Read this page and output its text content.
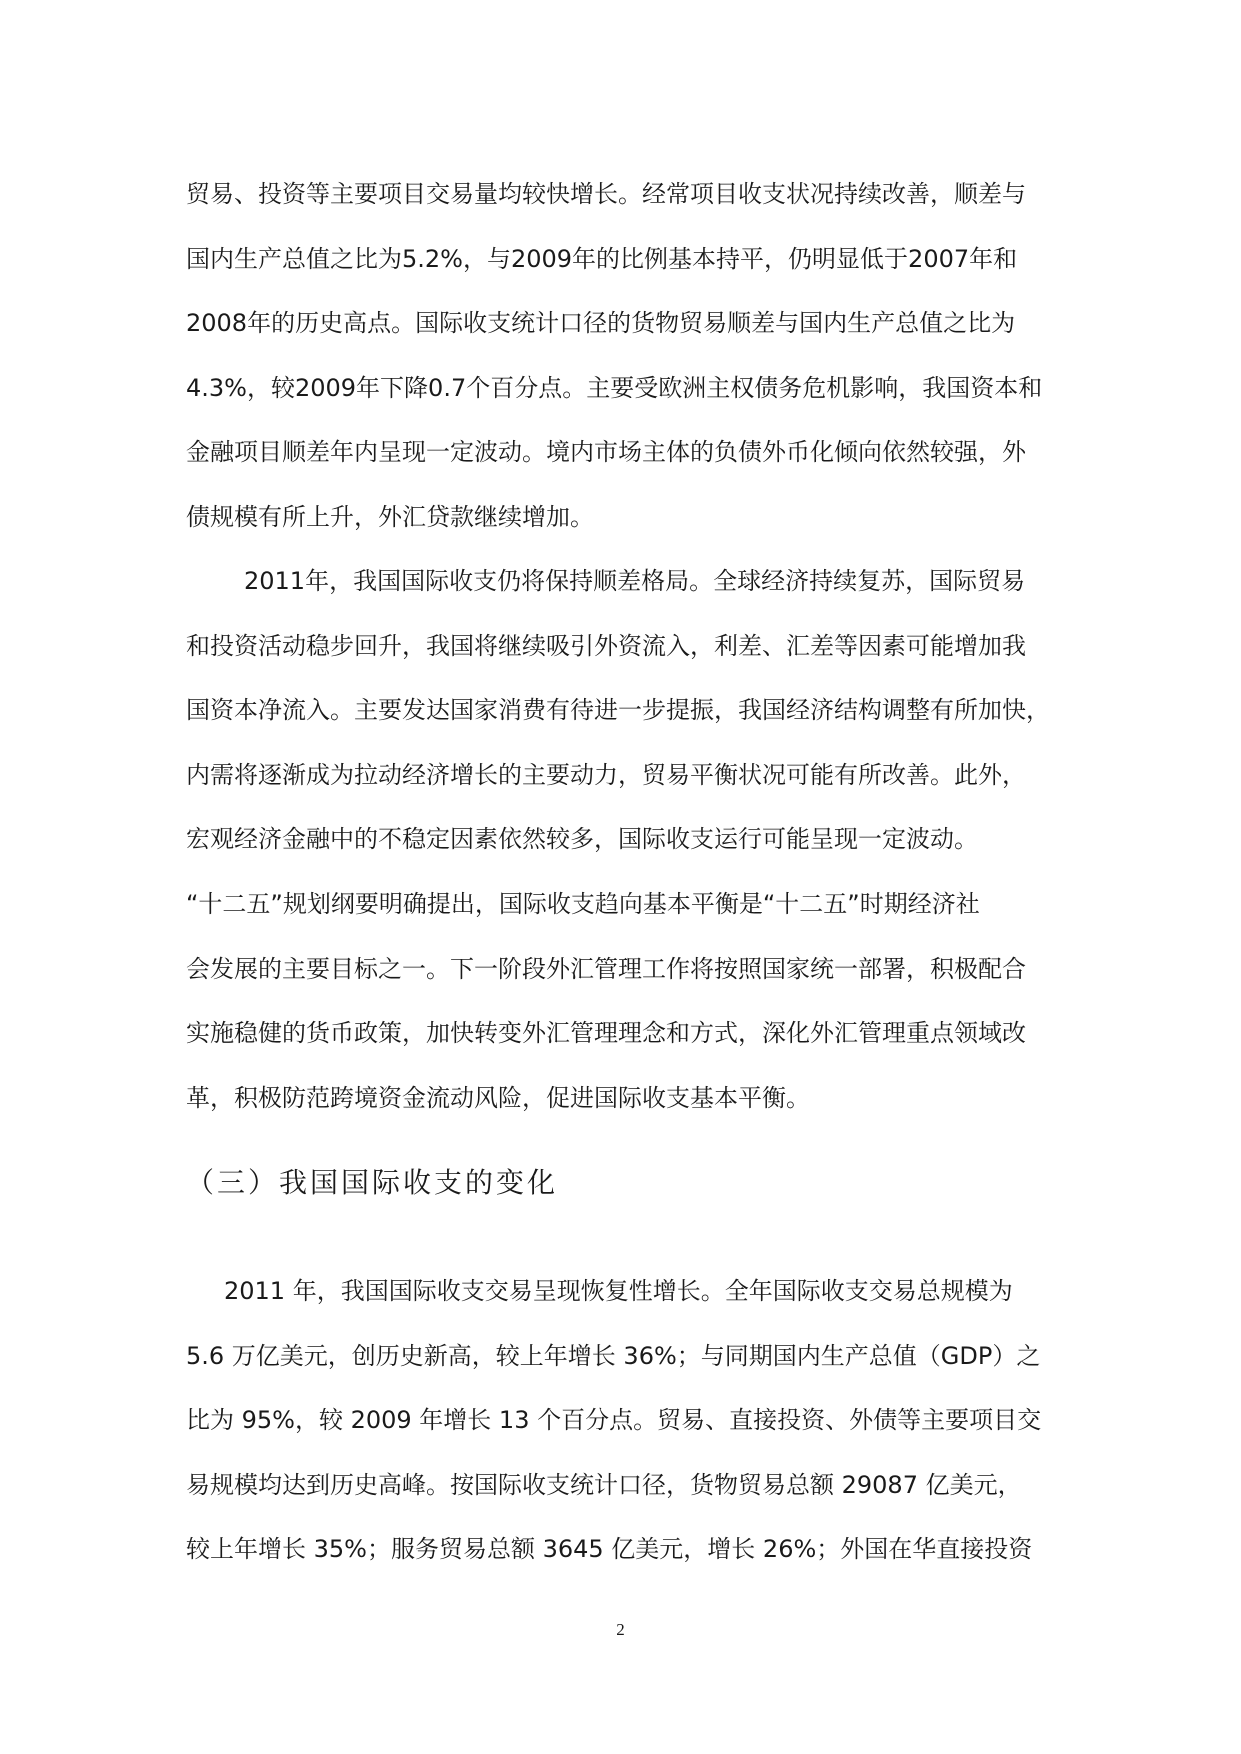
贸易、投资等主要项目交易量均较快增长。经常项目收支状况持续改善，顺差与
国内生产总值之比为5.2%，与2009年的比例基本持平，仍明显低于2007年和
2008年的历史高点。国际收支统计口径的货物贸易顺差与国内生产总值之比为
4.3%，较2009年下降0.7个百分点。主要受欧洲主权债务危机影响，我国资本和
金融项目顺差年内呈现一定波动。境内市场主体的负债外币化倾向依然较强，外
债规模有所上升，外汇贷款继续增加。
2011年，我国国际收支仍将保持顺差格局。全球经济持续复苏，国际贸易
和投资活动稳步回升，我国将继续吸引外资流入，利差、汇差等因素可能增加我
国资本净流入。主要发达国家消费有待进一步提振，我国经济结构调整有所加快，
内需将逐渐成为拉动经济增长的主要动力，贸易平衡状况可能有所改善。此外，
宏观经济金融中的不稳定因素依然较多，国际收支运行可能呈现一定波动。
“十二五”规划纲要明确提出，国际收支趋向基本平衡是“十二五”时期经济社
会发展的主要目标之一。下一阶段外汇管理工作将按照国家统一部署，积极配合
实施稳健的货币政策，加快转变外汇管理理念和方式，深化外汇管理重点领域改
革，积极防范跨境资金流动风险，促进国际收支基本平衡。
（三）我国国际收支的变化
2011 年，我国国际收支交易呈现恢复性增长。全年国际收支交易总规模为
5.6 万亿美元，创历史新高，较上年增长 36%；与同期国内生产总值（GDP）之
比为 95%，较 2009 年增长 13 个百分点。贸易、直接投资、外债等主要项目交
易规模均达到历史高峰。按国际收支统计口径，货物贸易总额 29087 亿美元，
较上年增长 35%；服务贸易总额 3645 亿美元，增长 26%；外国在华直接投资
2
